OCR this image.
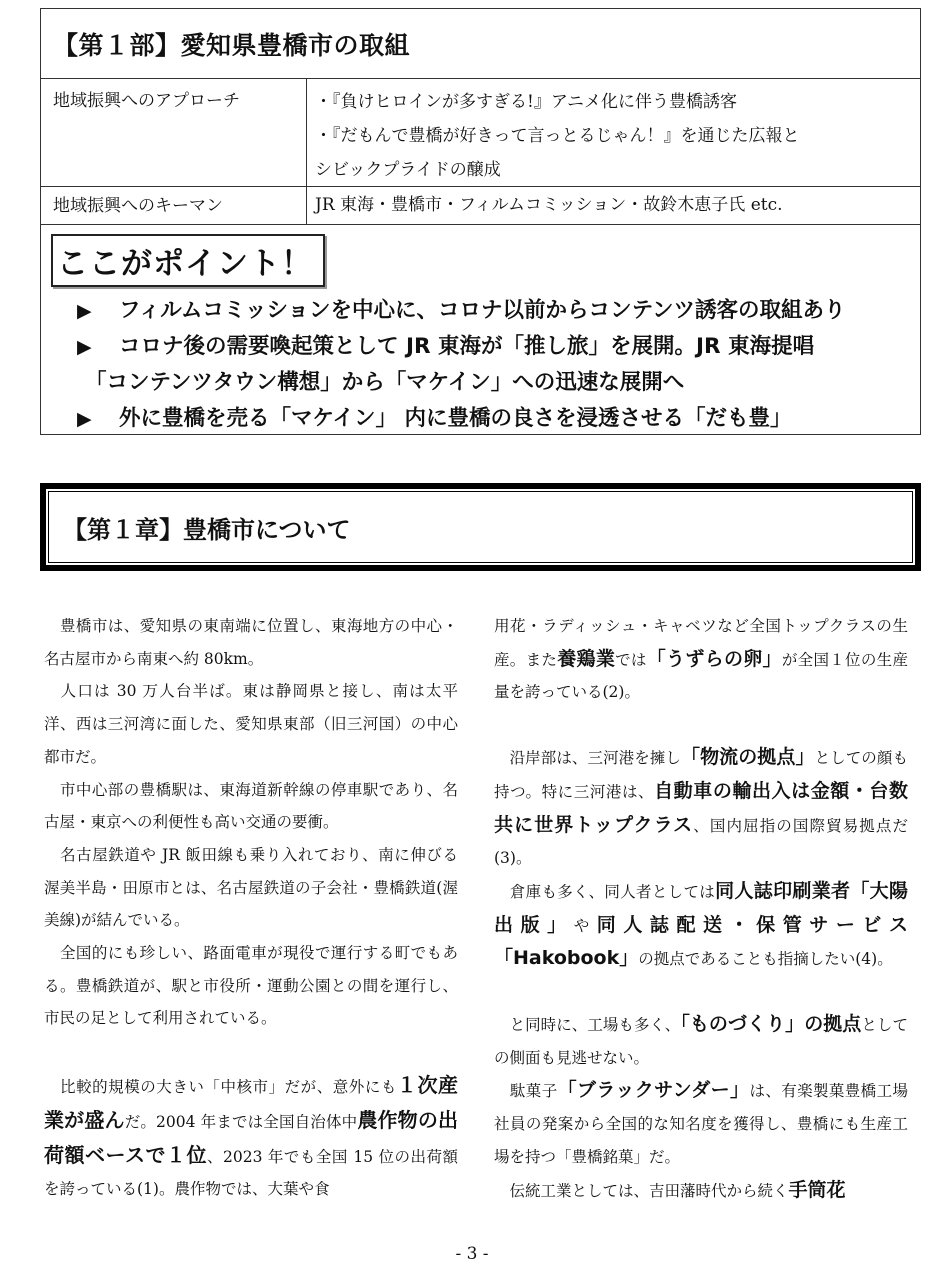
【第１部】愛知県豊橋市の取組
地域振興へのアプローチ	・『負けヒロインが多すぎる!』アニメ化に伴う豊橋誘客
・『だもんで豊橋が好きって言っとるじゃん！』を通じた広報と
シビックプライドの醸成
地域振興へのキーマン	JR 東海・豊橋市・フィルムコミッション・故鈴木恵子氏 etc.
ここがポイント！
▶	フィルムコミッションを中心に、コロナ以前からコンテンツ誘客の取組あり
▶	コロナ後の需要喚起策として JR 東海が「推し旅」を展開。JR 東海提唱
「コンテンツタウン構想」から「マケイン」への迅速な展開へ
▶	外に豊橋を売る「マケイン」 内に豊橋の良さを浸透させる「だも豊」
【第１章】豊橋市について

　豊橋市は、愛知県の東南端に位置し、東海地方の中心・名古屋市から南東へ約 80km。

　人口は 30 万人台半ば。東は静岡県と接し、南は太平洋、西は三河湾に面した、愛知県東部（旧三河国）の中心都市だ。

　市中心部の豊橋駅は、東海道新幹線の停車駅であり、名古屋・東京への利便性も高い交通の要衝。

　名古屋鉄道や JR 飯田線も乗り入れており、南に伸びる渥美半島・田原市とは、名古屋鉄道の子会社・豊橋鉄道(渥美線)が結んでいる。

　全国的にも珍しい、路面電車が現役で運行する町でもある。豊橋鉄道が、駅と市役所・運動公園との間を運行し、市民の足として利用されている。

　比較的規模の大きい「中核市」だが、意外にも１次産業が盛んだ。2004 年までは全国自治体中農作物の出荷額ベースで１位、2023 年でも全国 15 位の出荷額を誇っている(1)。農作物では、大葉や食

用花・ラディッシュ・キャベツなど全国トップクラスの生産。また養鶏業では「うずらの卵」が全国１位の生産量を誇っている(2)。

　沿岸部は、三河港を擁し「物流の拠点」としての顔も持つ。特に三河港は、自動車の輸出入は金額・台数共に世界トップクラス、国内屈指の国際貿易拠点だ(3)。

　倉庫も多く、同人者としては同人誌印刷業者「大陽出版」や同人誌配送・保管サービス「Hakobook」の拠点であることも指摘したい(4)。

　と同時に、工場も多く、「ものづくり」の拠点としての側面も見逃せない。

　駄菓子「ブラックサンダー」は、有楽製菓豊橋工場社員の発案から全国的な知名度を獲得し、豊橋にも生産工場を持つ「豊橋銘菓」だ。

　伝統工業としては、吉田藩時代から続く手筒花

- 3 -
